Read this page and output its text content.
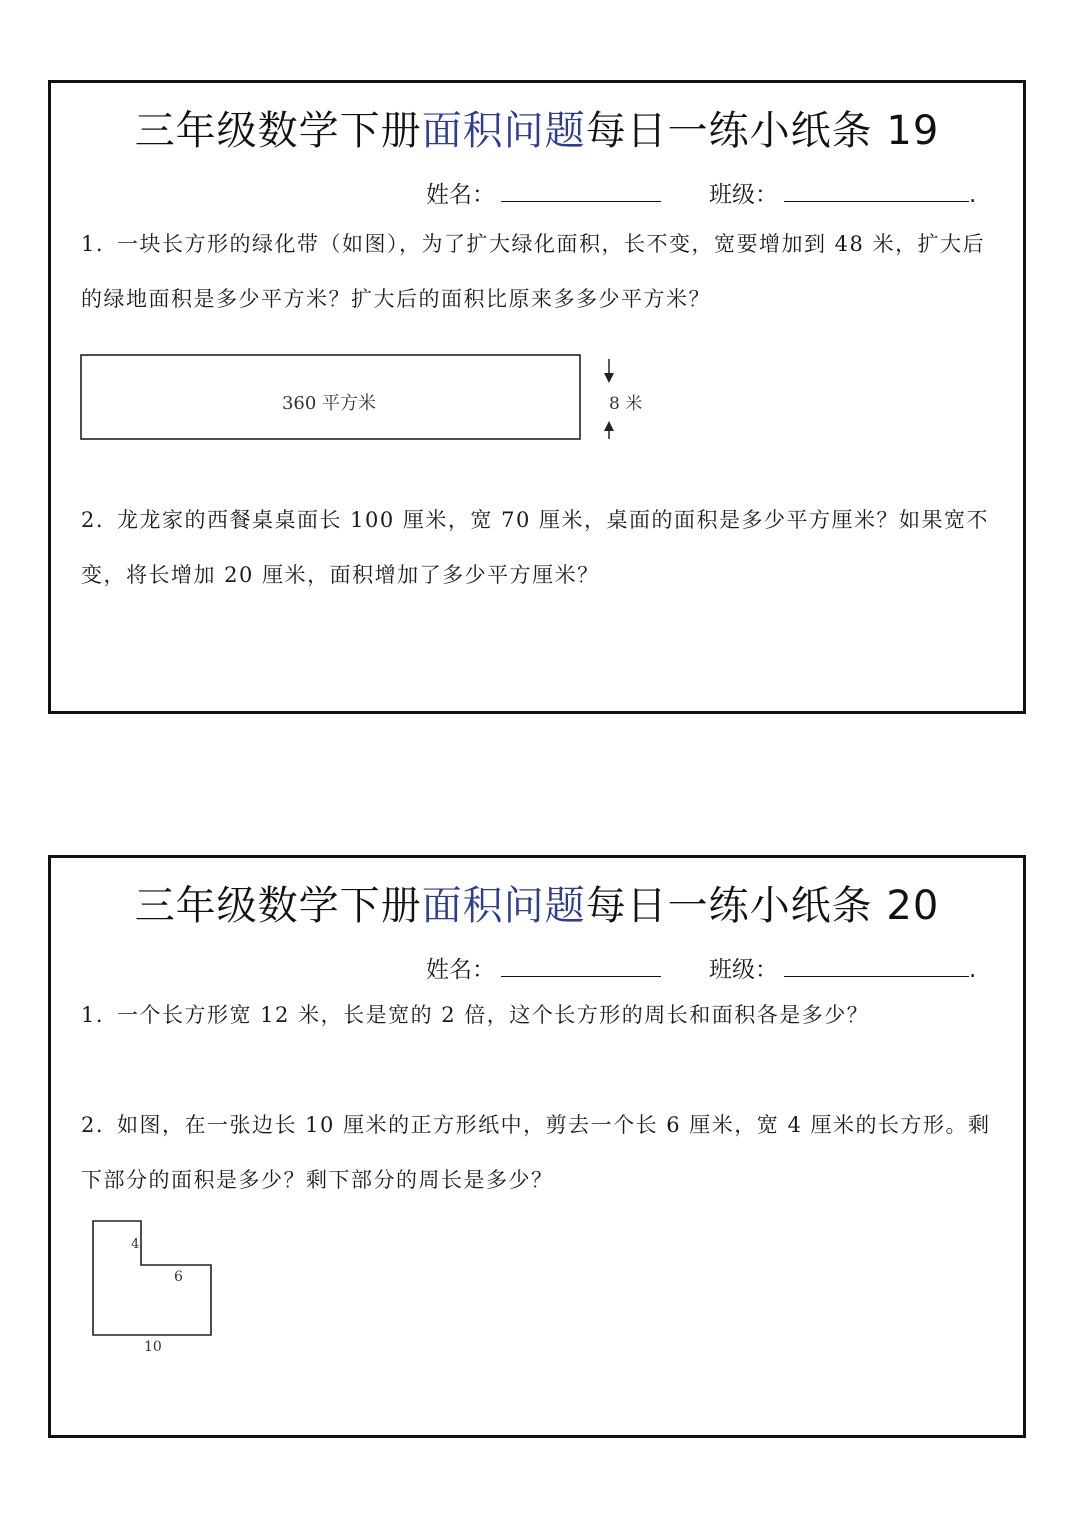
三年级数学下册面积问题每日一练小纸条 19
姓名：	班级：	.
1. 一块长方形的绿化带（如图），为了扩大绿化面积，长不变，宽要增加到 48 米，扩大后的绿地面积是多少平方米？扩大后的面积比原来多多少平方米？
360 平方米	8 米
2. 龙龙家的西餐桌桌面长 100 厘米，宽 70 厘米，桌面的面积是多少平方厘米？如果宽不变，将长增加 20 厘米，面积增加了多少平方厘米？
三年级数学下册面积问题每日一练小纸条 20
姓名：	班级：	.
1. 一个长方形宽 12 米，长是宽的 2 倍，这个长方形的周长和面积各是多少？
2. 如图，在一张边长 10 厘米的正方形纸中，剪去一个长 6 厘米，宽 4 厘米的长方形。剩下部分的面积是多少？剩下部分的周长是多少？
4
6
10
